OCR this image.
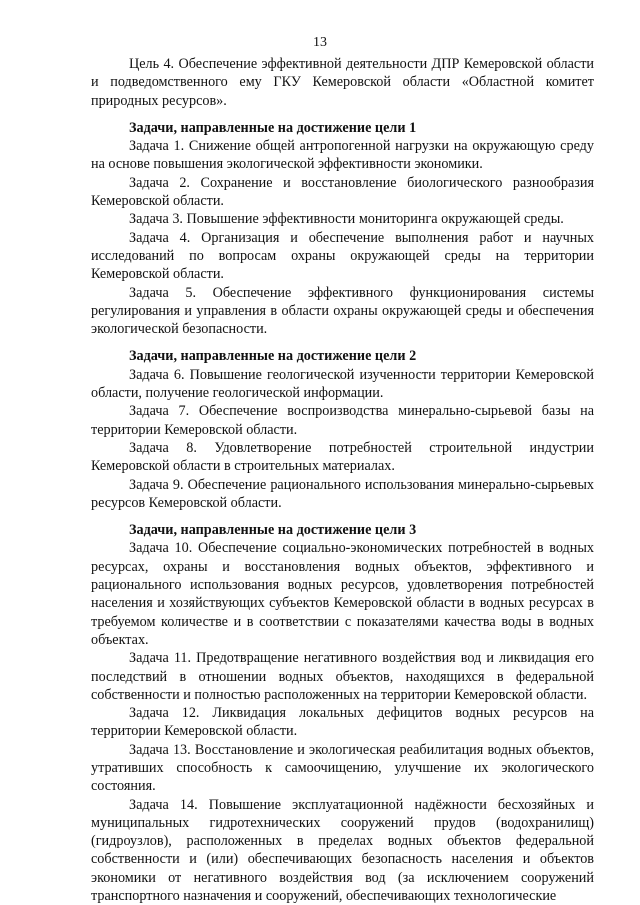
13

Цель 4. Обеспечение эффективной деятельности ДПР Кемеровской области и подведомственного ему ГКУ Кемеровской области «Областной комитет природных ресурсов».

Задачи, направленные на достижение цели 1

Задача 1. Снижение общей антропогенной нагрузки на окружающую среду на основе повышения экологической эффективности экономики.

Задача 2. Сохранение и восстановление биологического разнообразия Кемеровской области.

Задача 3. Повышение эффективности мониторинга окружающей среды.

Задача 4. Организация и обеспечение выполнения работ и научных исследований по вопросам охраны окружающей среды на территории Кемеровской области.

Задача 5. Обеспечение эффективного функционирования системы регулирования и управления в области охраны окружающей среды и обеспечения экологической безопасности.

Задачи, направленные на достижение цели 2

Задача 6. Повышение геологической изученности территории Кемеровской области, получение геологической информации.

Задача 7. Обеспечение воспроизводства минерально-сырьевой базы на территории Кемеровской области.

Задача 8. Удовлетворение потребностей строительной индустрии Кемеровской области в строительных материалах.

Задача 9. Обеспечение рационального использования минерально-сырьевых ресурсов Кемеровской области.

Задачи, направленные на достижение цели 3

Задача 10. Обеспечение социально-экономических потребностей в водных ресурсах, охраны и восстановления водных объектов, эффективного и рационального использования водных ресурсов, удовлетворения потребностей населения и хозяйствующих субъектов Кемеровской области в водных ресурсах в требуемом количестве и в соответствии с показателями качества воды в водных объектах.

Задача 11. Предотвращение негативного воздействия вод и ликвидация его последствий в отношении водных объектов, находящихся в федеральной собственности и полностью расположенных на территории Кемеровской области.

Задача 12. Ликвидация локальных дефицитов водных ресурсов на территории Кемеровской области.

Задача 13. Восстановление и экологическая реабилитация водных объектов, утративших способность к самоочищению, улучшение их экологического состояния.

Задача 14. Повышение эксплуатационной надёжности бесхозяйных и муниципальных гидротехнических сооружений прудов (водохранилищ) (гидроузлов), расположенных в пределах водных объектов федеральной собственности и (или) обеспечивающих безопасность населения и объектов экономики от негативного воздействия вод (за исключением сооружений транспортного назначения и сооружений, обеспечивающих технологические
